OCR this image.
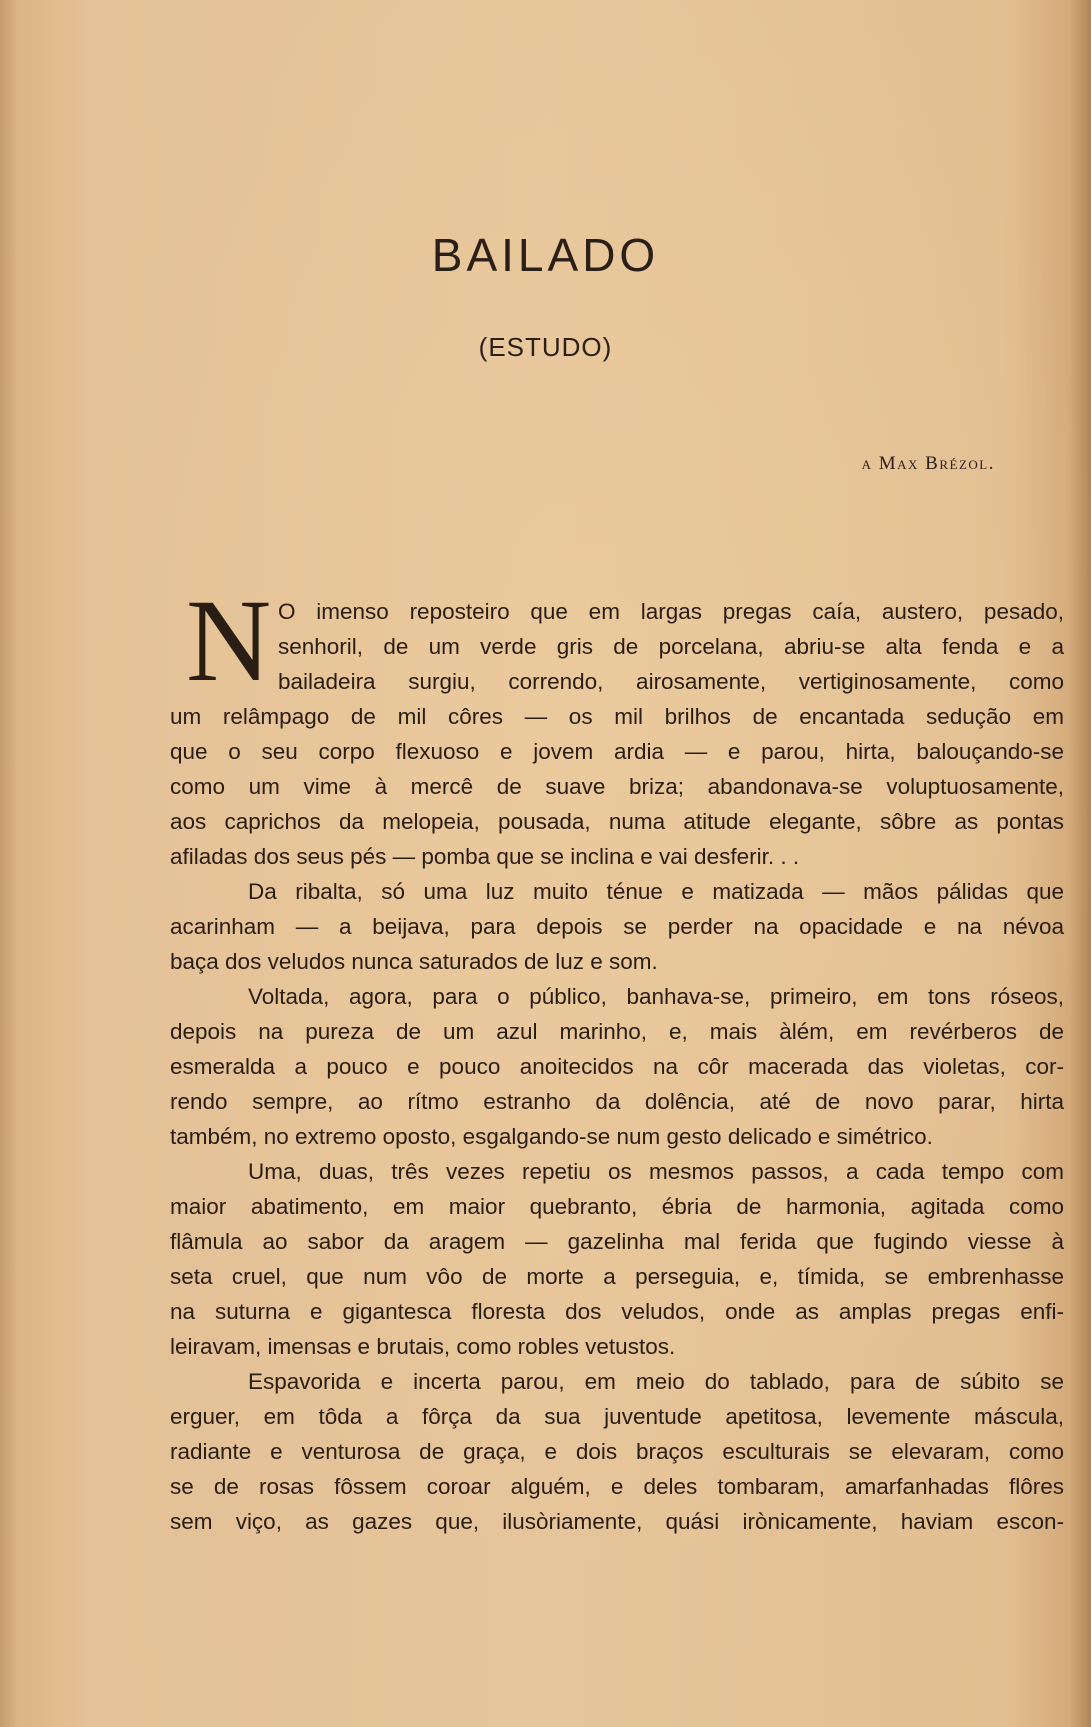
BAILADO
(ESTUDO)
a Max Brézol.
N O imenso reposteiro que em largas pregas caía, austero, pesado,
senhoril, de um verde gris de porcelana, abriu-se alta fenda e a
bailadeira surgiu, correndo, airosamente, vertiginosamente, como
um relâmpago de mil côres — os mil brilhos de encantada sedução em
que o seu corpo flexuoso e jovem ardia — e parou, hirta, balouçando-se
como um vime à mercê de suave briza; abandonava-se voluptuosamente,
aos caprichos da melopeia, pousada, numa atitude elegante, sôbre as pontas
afiladas dos seus pés — pomba que se inclina e vai desferir. . .
Da ribalta, só uma luz muito ténue e matizada — mãos pálidas que
acarinham — a beijava, para depois se perder na opacidade e na névoa
baça dos veludos nunca saturados de luz e som.
Voltada, agora, para o público, banhava-se, primeiro, em tons róseos,
depois na pureza de um azul marinho, e, mais àlém, em revérberos de
esmeralda a pouco e pouco anoitecidos na côr macerada das violetas, cor-
rendo sempre, ao rítmo estranho da dolência, até de novo parar, hirta
também, no extremo oposto, esgalgando-se num gesto delicado e simétrico.
Uma, duas, três vezes repetiu os mesmos passos, a cada tempo com
maior abatimento, em maior quebranto, ébria de harmonia, agitada como
flâmula ao sabor da aragem — gazelinha mal ferida que fugindo viesse à
seta cruel, que num vôo de morte a perseguia, e, tímida, se embrenhasse
na suturna e gigantesca floresta dos veludos, onde as amplas pregas enfi-
leiravam, imensas e brutais, como robles vetustos.
Espavorida e incerta parou, em meio do tablado, para de súbito se
erguer, em tôda a fôrça da sua juventude apetitosa, levemente máscula,
radiante e venturosa de graça, e dois braços esculturais se elevaram, como
se de rosas fôssem coroar alguém, e deles tombaram, amarfanhadas flôres
sem viço, as gazes que, ilusòriamente, quási irònicamente, haviam escon-
